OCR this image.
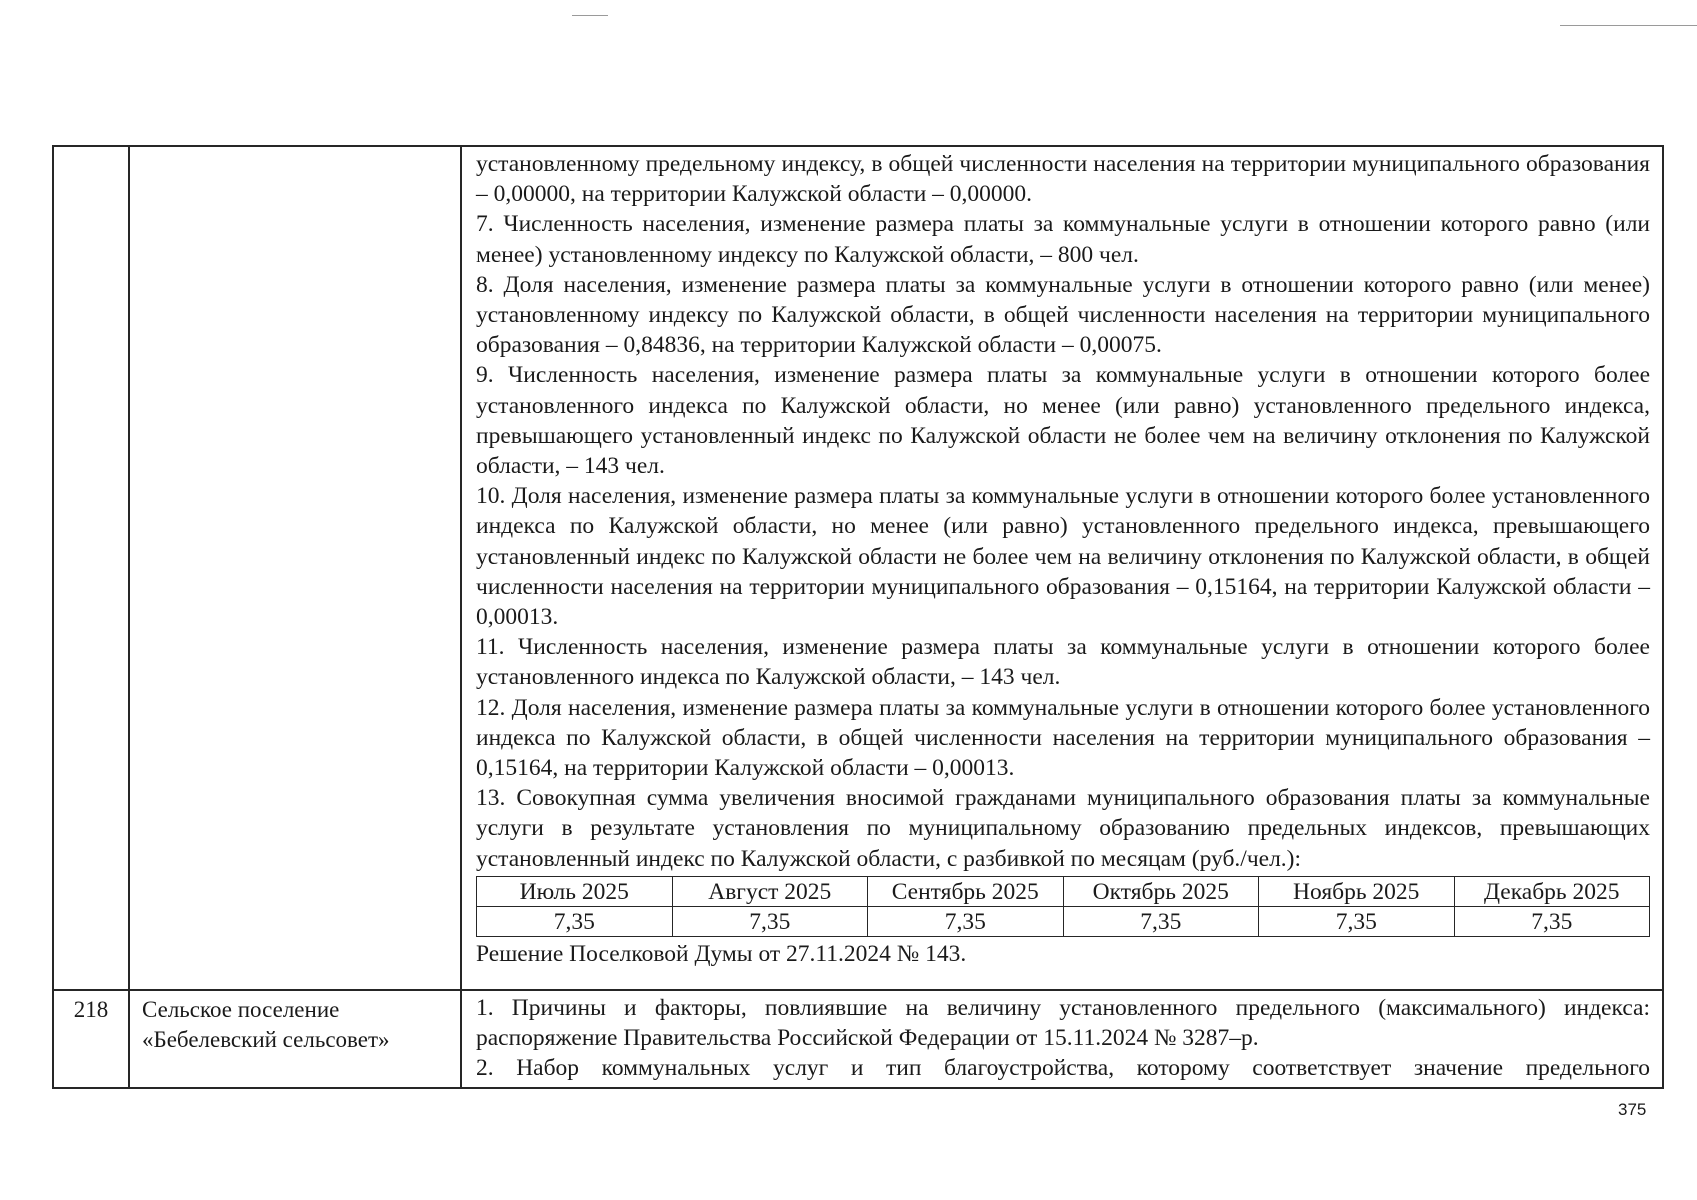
установленному предельному индексу, в общей численности населения на территории муниципального образования – 0,00000, на территории Калужской области – 0,00000.

7. Численность населения, изменение размера платы за коммунальные услуги в отношении которого равно (или менее) установленному индексу по Калужской области, – 800 чел.

8. Доля населения, изменение размера платы за коммунальные услуги в отношении которого равно (или менее) установленному индексу по Калужской области, в общей численности населения на территории муниципального образования – 0,84836, на территории Калужской области – 0,00075.

9. Численность населения, изменение размера платы за коммунальные услуги в отношении которого более установленного индекса по Калужской области, но менее (или равно) установленного предельного индекса, превышающего установленный индекс по Калужской области не более чем на величину отклонения по Калужской области, – 143 чел.

10. Доля населения, изменение размера платы за коммунальные услуги в отношении которого более установленного индекса по Калужской области, но менее (или равно) установленного предельного индекса, превышающего установленный индекс по Калужской области не более чем на величину отклонения по Калужской области, в общей численности населения на территории муниципального образования – 0,15164, на территории Калужской области – 0,00013.

11. Численность населения, изменение размера платы за коммунальные услуги в отношении которого более установленного индекса по Калужской области, – 143 чел.

12. Доля населения, изменение размера платы за коммунальные услуги в отношении которого более установленного индекса по Калужской области, в общей численности населения на территории муниципального образования – 0,15164, на территории Калужской области – 0,00013.

13. Совокупная сумма увеличения вносимой гражданами муниципального образования платы за коммунальные услуги в результате установления по муниципальному образованию предельных индексов, превышающих установленный индекс по Калужской области, с разбивкой по месяцам (руб./чел.):

Июль 2025	Август 2025	Сентябрь 2025	Октябрь 2025	Ноябрь 2025	Декабрь 2025
7,35	7,35	7,35	7,35	7,35	7,35

Решение Поселковой Думы от 27.11.2024 № 143.

218	Сельское поселение
«Бебелевский сельсовет»

1. Причины и факторы, повлиявшие на величину установленного предельного (максимального) индекса: распоряжение Правительства Российской Федерации от 15.11.2024 № 3287–р.

2. Набор коммунальных услуг и тип благоустройства, которому соответствует значение предельного

375
